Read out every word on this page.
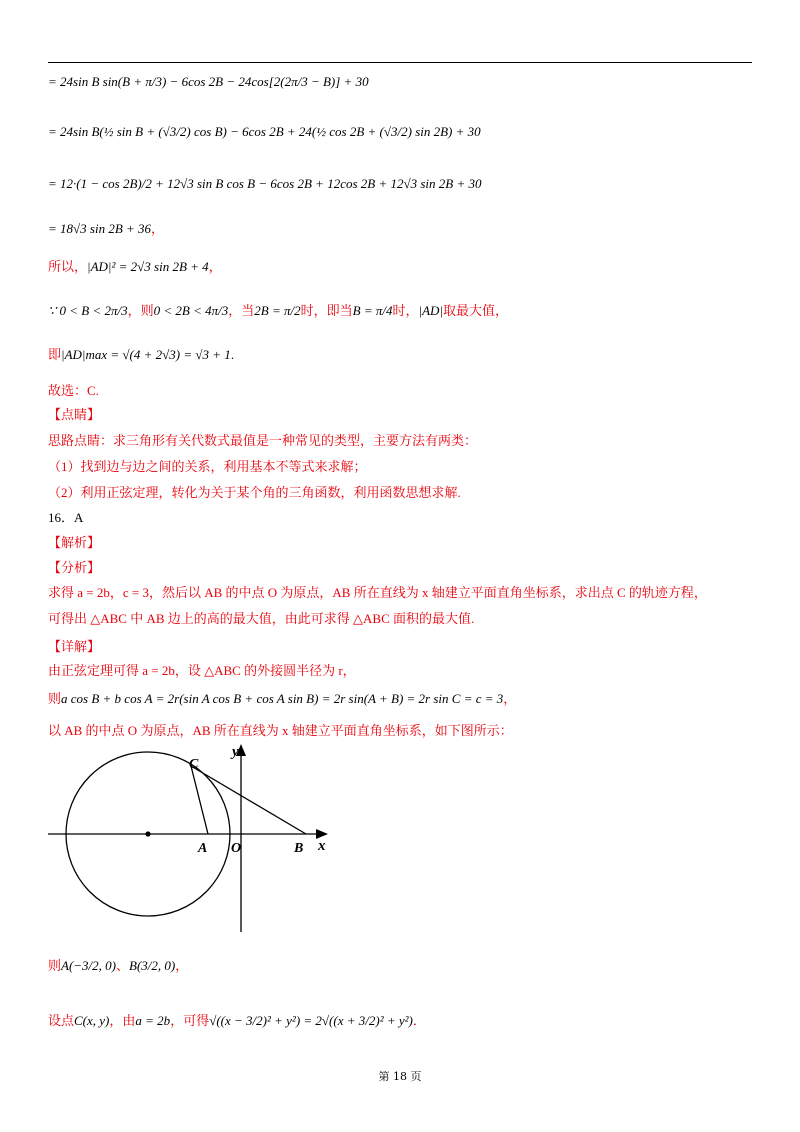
= 24sin B sin(B + π/3) − 6cos 2B − 24cos[2(2π/3 − B)] + 30
= 24sin B(½ sin B + (√3/2) cos B) − 6cos 2B + 24(½ cos 2B + (√3/2) sin 2B) + 30
= 12·(1 − cos 2B)/2 + 12√3 sin B cos B − 6cos 2B + 12cos 2B + 12√3 sin 2B + 30
= 18√3 sin 2B + 36，
所以，|AD|² = 2√3 sin 2B + 4，
∵ 0 < B < 2π/3，则0 < 2B < 4π/3，当2B = π/2时，即当B = π/4时，|AD|取最大值，
即|AD|max = √(4 + 2√3) = √3 + 1.
故选：C.
【点睛】
思路点睛：求三角形有关代数式最值是一种常见的类型，主要方法有两类：
（1）找到边与边之间的关系，利用基本不等式来求解；
（2）利用正弦定理，转化为关于某个角的三角函数，利用函数思想求解.
16．A
【解析】
【分析】
求得 a = 2b，c = 3，然后以 AB 的中点 O 为原点，AB 所在直线为 x 轴建立平面直角坐标系，求出点 C 的轨迹方程，
可得出 △ABC 中 AB 边上的高的最大值，由此可求得 △ABC 面积的最大值.
【详解】
由正弦定理可得 a = 2b，设 △ABC 的外接圆半径为 r，
则a cos B + b cos A = 2r(sin A cos B + cos A sin B) = 2r sin(A + B) = 2r sin C = c = 3，
以 AB 的中点 O 为原点，AB 所在直线为 x 轴建立平面直角坐标系，如下图所示：
C
A O	B x
y
则A(−3/2, 0)、B(3/2, 0)，
设点C(x, y)，由a = 2b，可得√((x − 3/2)² + y²) = 2√((x + 3/2)² + y²)．
第 18 页
